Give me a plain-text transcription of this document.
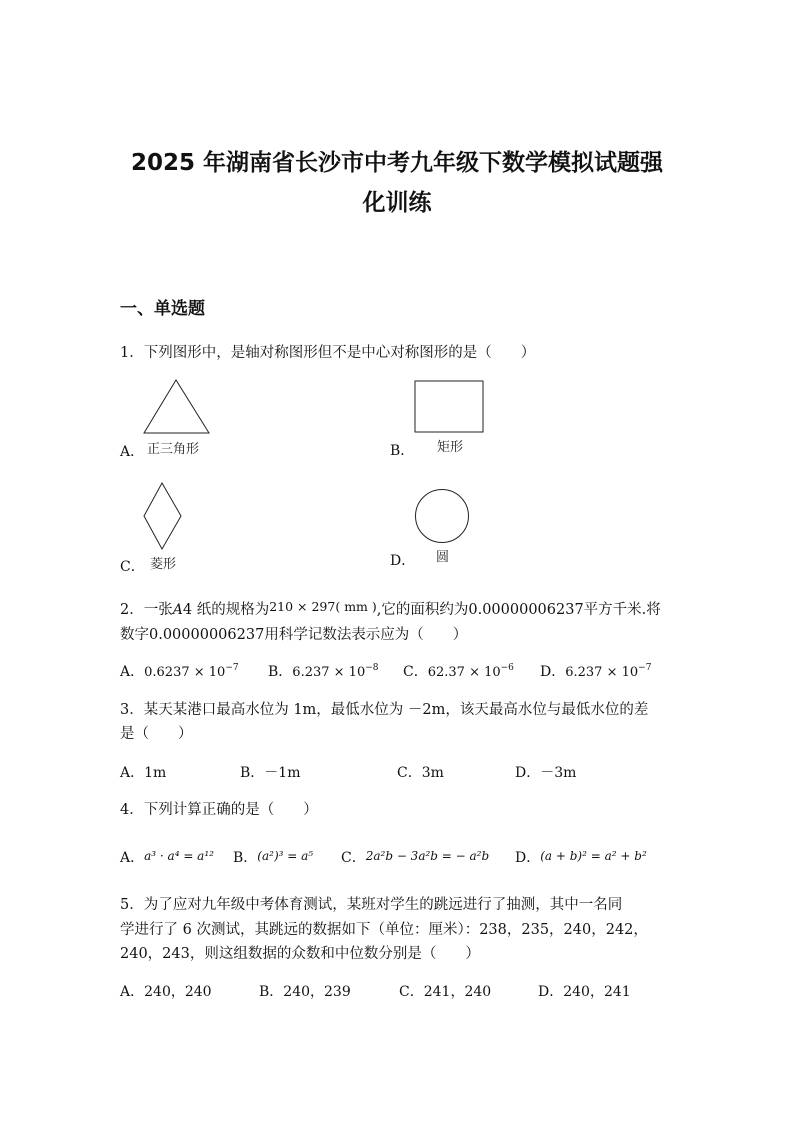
2025 年湖南省长沙市中考九年级下数学模拟试题强
化训练
一、单选题
1．下列图形中，是轴对称图形但不是中心对称图形的是（　　）
A． 正三角形	B． 矩形
C． 菱形	D． 圆
2．一张A4 纸的规格为210 × 297( mm ),它的面积约为0.00000006237平方千米.将
数字0.00000006237用科学记数法表示应为（　　）
A．$0.6237 \times 10^{-7}$ B．$6.237 \times 10^{-8}$ C．$62.37 \times 10^{-6}$ D．$6.237 \times 10^{-7}$
3．某天某港口最高水位为 1m，最低水位为 －2m，该天最高水位与最低水位的差
是（　　）
A．1m	B．－1m	C．3m	D．－3m
4．下列计算正确的是（　　）
A．a³ · a⁴ = a¹² B．(a²)³ = a⁵ C．2a²b − 3a²b = − a²b D．(a + b)² = a² + b²
5．为了应对九年级中考体育测试，某班对学生的跳远进行了抽测，其中一名同
学进行了 6 次测试，其跳远的数据如下（单位：厘米）：238，235，240，242，
240，243，则这组数据的众数和中位数分别是（　　）
A．240，240	B．240，239	C．241，240	D．240，241
